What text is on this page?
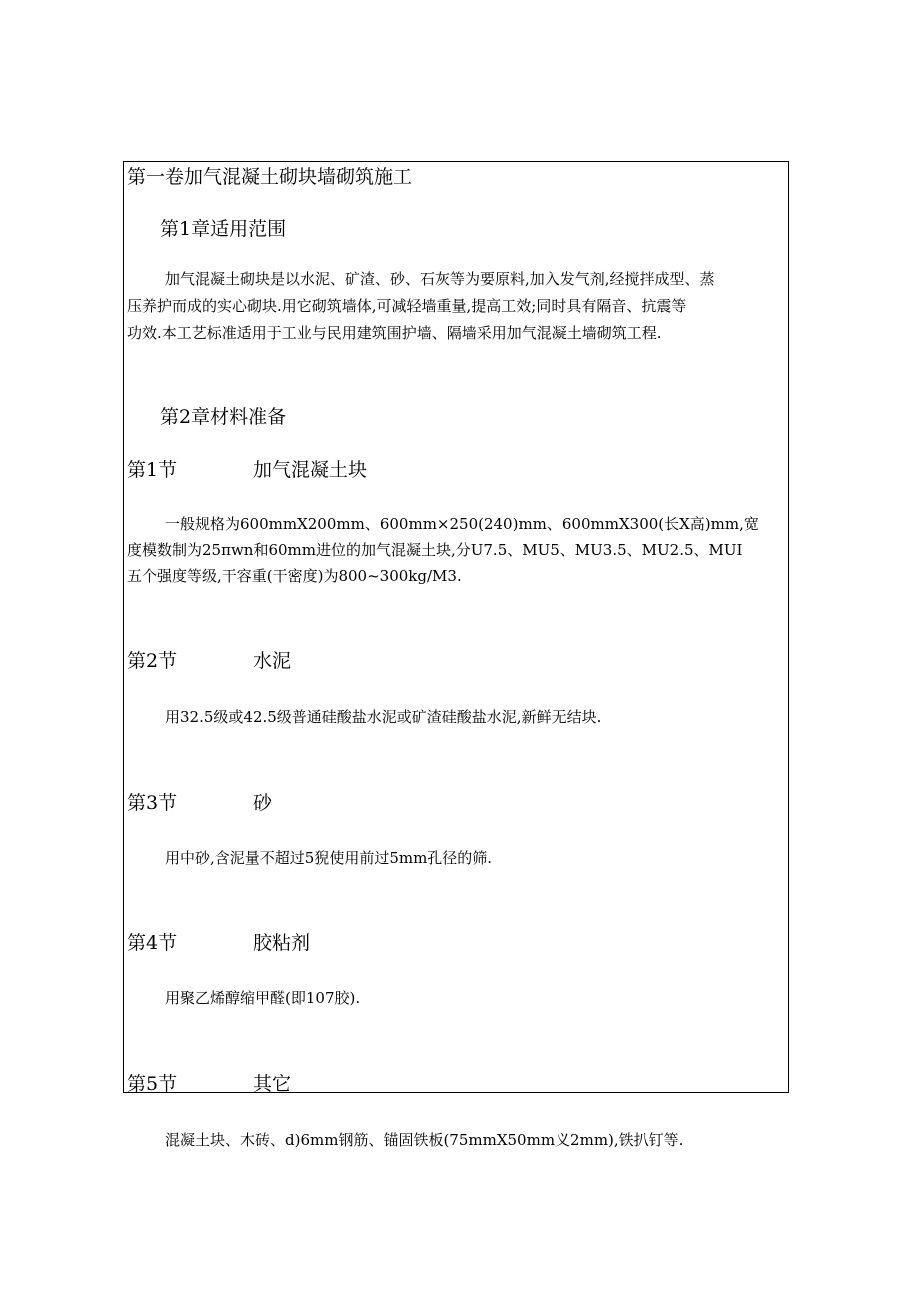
第一卷加气混凝土砌块墙砌筑施工
第1章适用范围
加气混凝土砌块是以水泥、矿渣、砂、石灰等为要原料,加入发气剂,经搅拌成型、蒸
压养护而成的实心砌块.用它砌筑墙体,可减轻墙重量,提高工效;同时具有隔音、抗震等
功效.本工艺标准适用于工业与民用建筑围护墙、隔墙采用加气混凝土墙砌筑工程.
第2章材料准备
第1节	加气混凝土块
一般规格为600mmX200mm、600mm×250(240)mm、600mmX300(长X高)mm,宽
度模数制为25πwn和60mm进位的加气混凝土块,分U7.5、MU5、MU3.5、MU2.5、MUI
五个强度等级,干容重(干密度)为800~300kg/M3.
第2节	水泥
用32.5级或42.5级普通硅酸盐水泥或矿渣硅酸盐水泥,新鲜无结块.
第3节	砂
用中砂,含泥量不超过5猊使用前过5mm孔径的筛.
第4节	胶粘剂
用聚乙烯醇缩甲醛(即107胶).
第5节	其它
混凝土块、木砖、d)6mm钢筋、锚固铁板(75mmX50mm义2mm),铁扒钉等.
